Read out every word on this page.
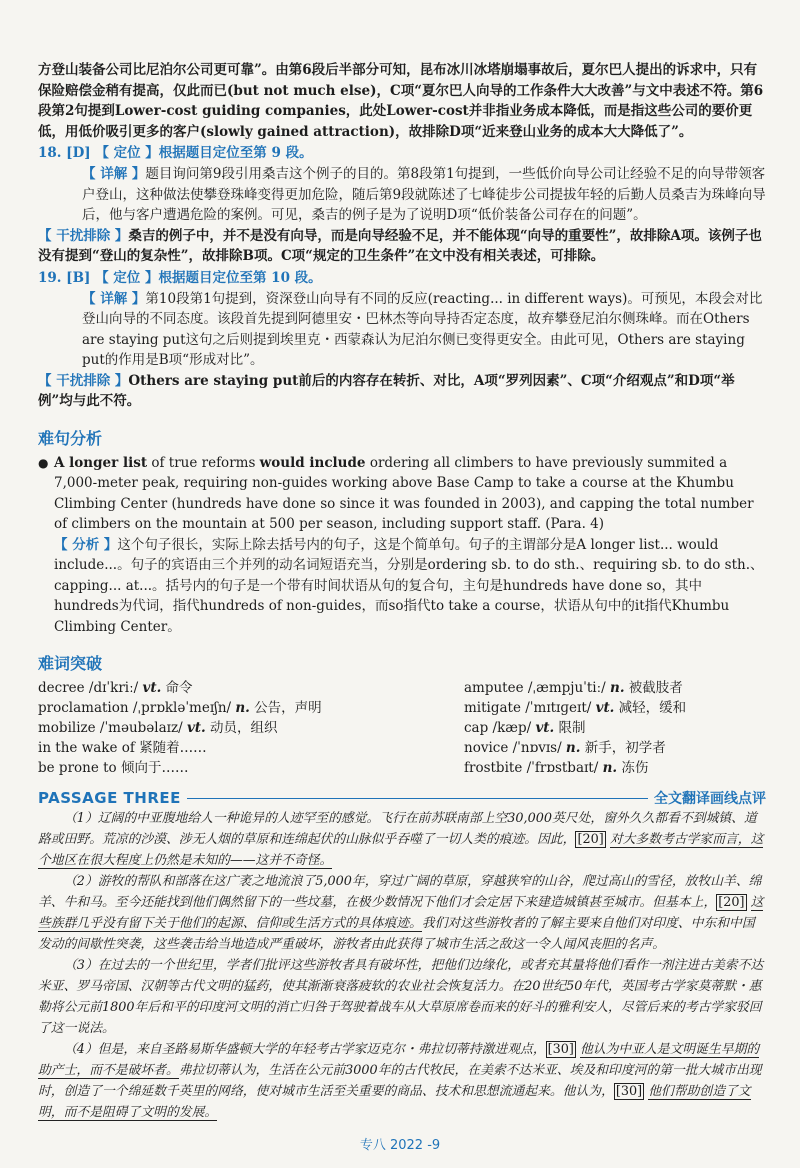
方登山装备公司比尼泊尔公司更可靠”。由第6段后半部分可知，昆布冰川冰塔崩塌事故后，夏尔巴人提出的诉求中，只有保险赔偿金稍有提高，仅此而已(but not much else)，C项“夏尔巴人向导的工作条件大大改善”与文中表述不符。第6段第2句提到Lower-cost guiding companies，此处Lower-cost并非指业务成本降低，而是指这些公司的要价更低，用低价吸引更多的客户(slowly gained attraction)，故排除D项“近来登山业务的成本大大降低了”。

18. [D] 【 定位 】根据题目定位至第 9 段。

【 详解 】题目询问第9段引用桑吉这个例子的目的。第8段第1句提到，一些低价向导公司让经验不足的向导带领客户登山，这种做法使攀登珠峰变得更加危险，随后第9段就陈述了七峰徒步公司提拔年轻的后勤人员桑吉为珠峰向导后，他与客户遭遇危险的案例。可见，桑吉的例子是为了说明D项“低价装备公司存在的问题”。

【 干扰排除 】桑吉的例子中，并不是没有向导，而是向导经验不足，并不能体现“向导的重要性”，故排除A项。该例子也没有提到“登山的复杂性”，故排除B项。C项“规定的卫生条件”在文中没有相关表述，可排除。

19. [B] 【 定位 】根据题目定位至第 10 段。

【 详解 】第10段第1句提到，资深登山向导有不同的反应(reacting... in different ways)。可预见，本段会对比登山向导的不同态度。该段首先提到阿德里安・巴林杰等向导持否定态度，故弃攀登尼泊尔侧珠峰。而在Others are staying put这句之后则提到埃里克・西蒙森认为尼泊尔侧已变得更安全。由此可见，Others are staying put的作用是B项“形成对比”。

【 干扰排除 】Others are staying put前后的内容存在转折、对比，A项“罗列因素”、C项“介绍观点”和D项“举例”均与此不符。

难句分析
● A longer list of true reforms would include ordering all climbers to have previously summited a 7,000-meter peak, requiring non-guides working above Base Camp to take a course at the Khumbu Climbing Center (hundreds have done so since it was founded in 2003), and capping the total number of climbers on the mountain at 500 per season, including support staff. (Para. 4)

【 分析 】这个句子很长，实际上除去括号内的句子，这是个简单句。句子的主谓部分是A longer list... would include...。句子的宾语由三个并列的动名词短语充当，分别是ordering sb. to do sth.、requiring sb. to do sth.、capping... at...。括号内的句子是一个带有时间状语从句的复合句，主句是hundreds have done so，其中hundreds为代词，指代hundreds of non-guides，而so指代to take a course，状语从句中的it指代Khumbu Climbing Center。

难词突破
decree /dɪˈkriː/ vt. 命令	amputee /ˌæmpjuˈtiː/ n. 被截肢者
proclamation /ˌprɒkləˈmeɪʃn/ n. 公告，声明	mitigate /ˈmɪtɪɡeɪt/ vt. 减轻，缓和
mobilize /ˈməubəlaɪz/ vt. 动员，组织	cap /kæp/ vt. 限制
in the wake of 紧随着……	novice /ˈnɒvɪs/ n. 新手，初学者
be prone to 倾向于……	frostbite /ˈfrɒstbaɪt/ n. 冻伤
PASSAGE THREE	全文翻译画线点评

（1）辽阔的中亚腹地给人一种诡异的人迹罕至的感觉。飞行在前苏联南部上空30,000英尺处，窗外久久都看不到城镇、道路或田野。荒凉的沙漠、涉无人烟的草原和连绵起伏的山脉似乎吞噬了一切人类的痕迹。因此， [20] 对大多数考古学家而言，这个地区在很大程度上仍然是未知的——这并不奇怪。

（2）游牧的帮队和部落在这广袤之地流浪了5,000年，穿过广阔的草原，穿越狭窄的山谷，爬过高山的雪径，放牧山羊、绵羊、牛和马。至今还能找到他们偶然留下的一些坟墓，在极少数情况下他们才会定居下来建造城镇甚至城市。但基本上， [20] 这些族群几乎没有留下关于他们的起源、信仰或生活方式的具体痕迹。我们对这些游牧者的了解主要来自他们对印度、中东和中国发动的间歇性突袭，这些袭击给当地造成严重破坏，游牧者由此获得了城市生活之敌这一令人闻风丧胆的名声。

（3）在过去的一个世纪里，学者们批评这些游牧者具有破坏性，把他们边缘化，或者充其量将他们看作一剂注进古美索不达米亚、罗马帝国、汉朝等古代文明的猛药，使其渐渐衰落疲软的农业社会恢复活力。在20世纪50年代，英国考古学家莫蒂默・惠勒将公元前1800年后和平的印度河文明的消亡归咎于驾驶着战车从大草原席卷而来的好斗的雅利安人，尽管后来的考古学家驳回了这一说法。

（4）但是，来自圣路易斯华盛顿大学的年轻考古学家迈克尔・弗拉切蒂持激进观点， [30] 他认为中亚人是文明诞生早期的助产士，而不是破坏者。弗拉切蒂认为，生活在公元前3000年的古代牧民，在美索不达米亚、埃及和印度河的第一批大城市出现时，创造了一个绵延数千英里的网络，使对城市生活至关重要的商品、技术和思想流通起来。他认为， [30] 他们帮助创造了文明，而不是阻碍了文明的发展。

专八 2022 -9
